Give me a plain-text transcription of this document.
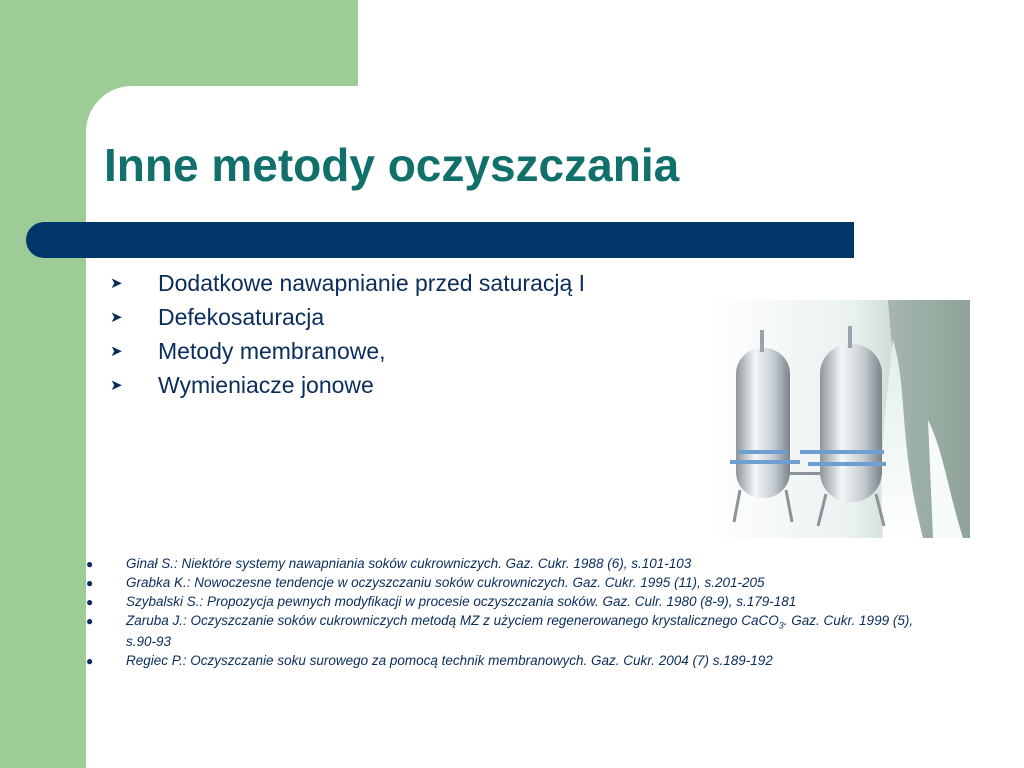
Inne metody oczyszczania
➤	Dodatkowe nawapnianie przed saturacją I
➤	Defekosaturacja
➤	Metody membranowe,
➤	Wymieniacze jonowe
● Ginał S.: Niektóre systemy nawapniania soków cukrowniczych. Gaz. Cukr. 1988 (6), s.101-103
● Grabka K.: Nowoczesne tendencje w oczyszczaniu soków cukrowniczych. Gaz. Cukr. 1995 (11), s.201-205
● Szybalski S.: Propozycja pewnych modyfikacji w procesie oczyszczania soków. Gaz. Culr. 1980 (8-9), s.179-181
● Zaruba J.: Oczyszczanie soków cukrowniczych metodą MZ z użyciem regenerowanego krystalicznego CaCO$_3$. Gaz. Cukr. 1999 (5), s.90-93
● Regiec P.: Oczyszczanie soku surowego za pomocą technik membranowych. Gaz. Cukr. 2004 (7) s.189-192
